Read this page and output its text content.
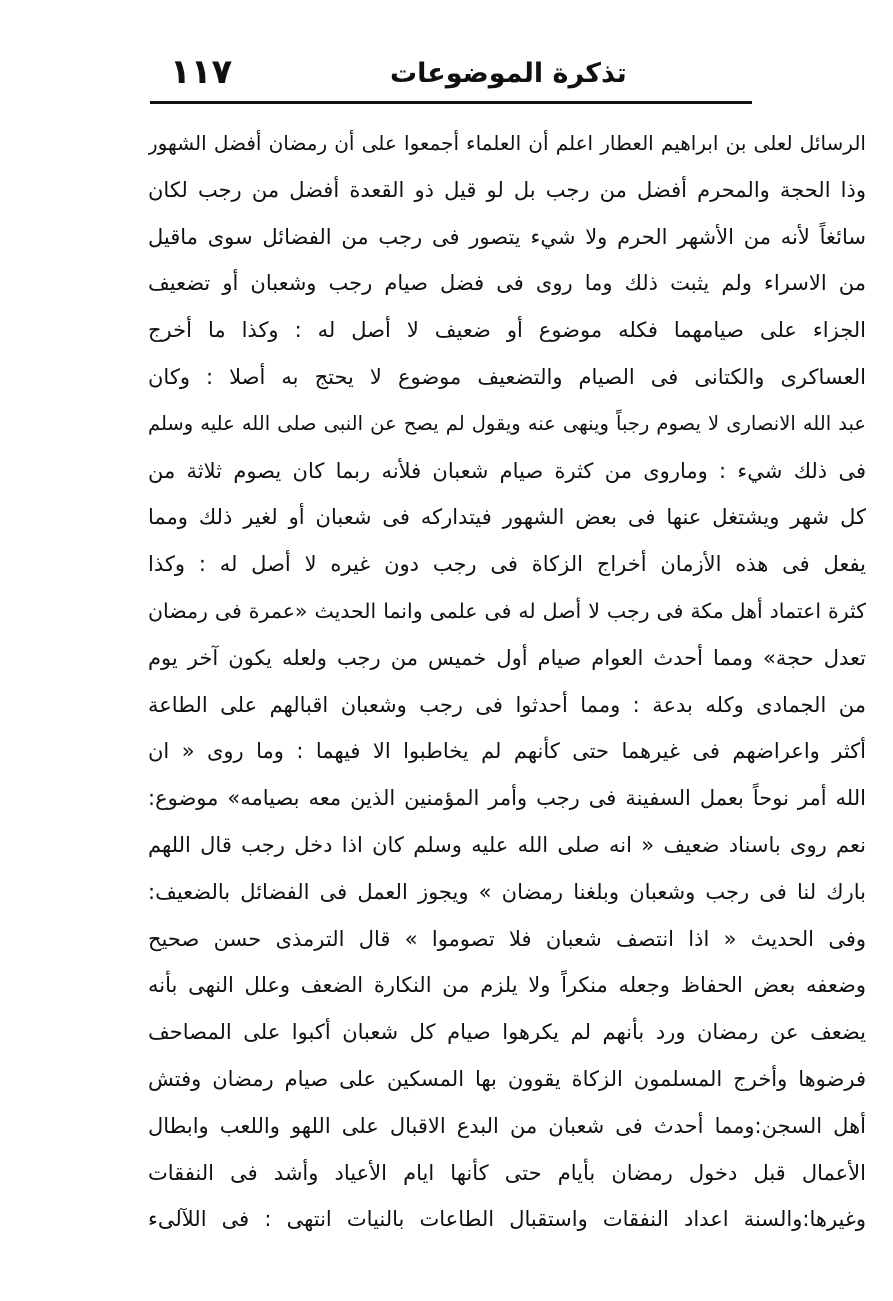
١١٧	تذكرة الموضوعات
الرسائل لعلى بن ابراهيم العطار اعلم أن العلماء أجمعوا على أن رمضان أفضل الشهور
وذا الحجة والمحرم أفضل من رجب بل لو قيل ذو القعدة أفضل من رجب لكان
سائغاً لأنه من الأشهر الحرم ولا شيء يتصور فى رجب من الفضائل سوى ماقيل
من الاسراء ولم يثبت ذلك وما روى فى فضل صيام رجب وشعبان أو تضعيف
الجزاء على صيامهما فكله موضوع أو ضعيف لا أصل له : وكذا ما أخرج
العساكرى والكتانى فى الصيام والتضعيف موضوع لا يحتج به أصلا : وكان
عبد الله الانصارى لا يصوم رجباً وينهى عنه ويقول لم يصح عن النبى صلى الله عليه وسلم
فى ذلك شيء : وماروى من كثرة صيام شعبان فلأنه ربما كان يصوم ثلاثة من
كل شهر ويشتغل عنها فى بعض الشهور فيتداركه فى شعبان أو لغير ذلك ومما
يفعل فى هذه الأزمان أخراج الزكاة فى رجب دون غيره لا أصل له : وكذا
كثرة اعتماد أهل مكة فى رجب لا أصل له فى علمى وانما الحديث «عمرة فى رمضان
تعدل حجة» ومما أحدث العوام صيام أول خميس من رجب ولعله يكون آخر يوم
من الجمادى وكله بدعة : ومما أحدثوا فى رجب وشعبان اقبالهم على الطاعة
أكثر واعراضهم فى غيرهما حتى كأنهم لم يخاطبوا الا فيهما : وما روى « ان
الله أمر نوحاً بعمل السفينة فى رجب وأمر المؤمنين الذين معه بصيامه» موضوع:
نعم روى باسناد ضعيف « انه صلى الله عليه وسلم كان اذا دخل رجب قال اللهم
بارك لنا فى رجب وشعبان وبلغنا رمضان » ويجوز العمل فى الفضائل بالضعيف:
وفى الحديث « اذا انتصف شعبان فلا تصوموا » قال الترمذى حسن صحيح
وضعفه بعض الحفاظ وجعله منكراً ولا يلزم من النكارة الضعف وعلل النهى بأنه
يضعف عن رمضان ورد بأنهم لم يكرهوا صيام كل شعبان أكبوا على المصاحف
فرضوها وأخرج المسلمون الزكاة يقوون بها المسكين على صيام رمضان وفتش
أهل السجن:ومما أحدث فى شعبان من البدع الاقبال على اللهو واللعب وابطال
الأعمال قبل دخول رمضان بأيام حتى كأنها ايام الأعياد وأشد فى النفقات
وغيرها:والسنة اعداد النفقات واستقبال الطاعات بالنيات انتهى : فى اللآلىء
